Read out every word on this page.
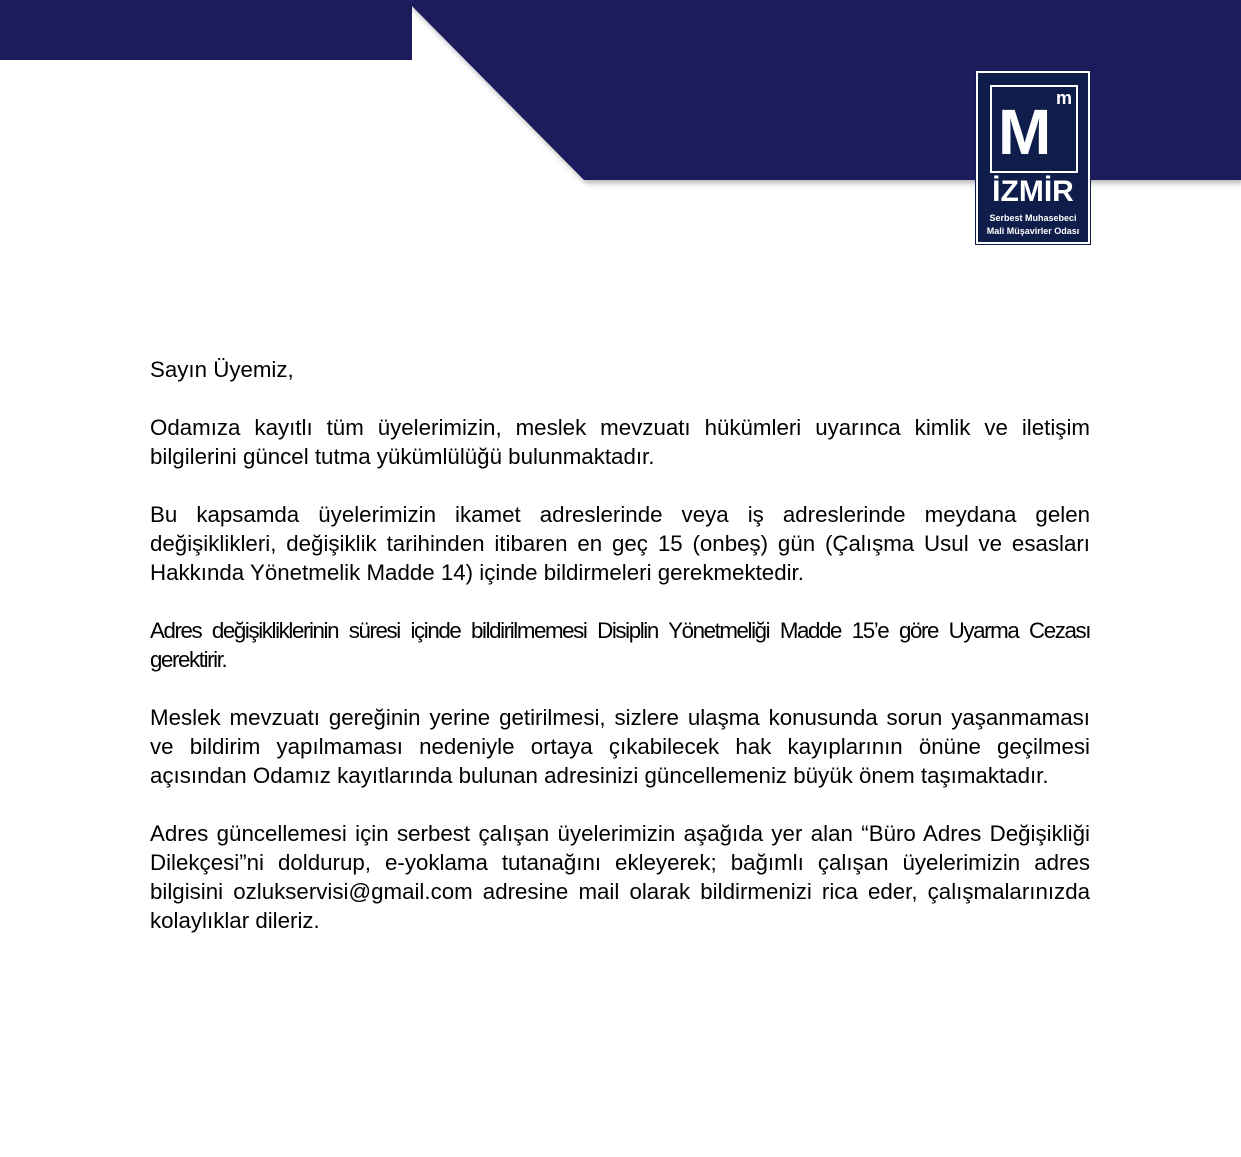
M m
İZMİR
Serbest Muhasebeci
Mali Müşavirler Odası

Sayın Üyemiz,

Odamıza kayıtlı tüm üyelerimizin, meslek mevzuatı hükümleri uyarınca kimlik ve iletişim bilgilerini güncel tutma yükümlülüğü bulunmaktadır.

Bu kapsamda üyelerimizin ikamet adreslerinde veya iş adreslerinde meydana gelen değişiklikleri, değişiklik tarihinden itibaren en geç 15 (onbeş) gün (Çalışma Usul ve esasları Hakkında Yönetmelik Madde 14) içinde bildirmeleri gerekmektedir.

Adres değişikliklerinin süresi içinde bildirilmemesi Disiplin Yönetmeliği Madde 15’e göre Uyarma Cezası gerektirir.

Meslek mevzuatı gereğinin yerine getirilmesi, sizlere ulaşma konusunda sorun yaşanmaması ve bildirim yapılmaması nedeniyle ortaya çıkabilecek hak kayıplarının önüne geçilmesi açısından Odamız kayıtlarında bulunan adresinizi güncellemeniz büyük önem taşımaktadır.

Adres güncellemesi için serbest çalışan üyelerimizin aşağıda yer alan “Büro Adres Değişikliği Dilekçesi”ni doldurup, e-yoklama tutanağını ekleyerek; bağımlı çalışan üyelerimizin adres bilgisini ozlukservisi@gmail.com adresine mail olarak bildirmenizi rica eder, çalışmalarınızda kolaylıklar dileriz.
